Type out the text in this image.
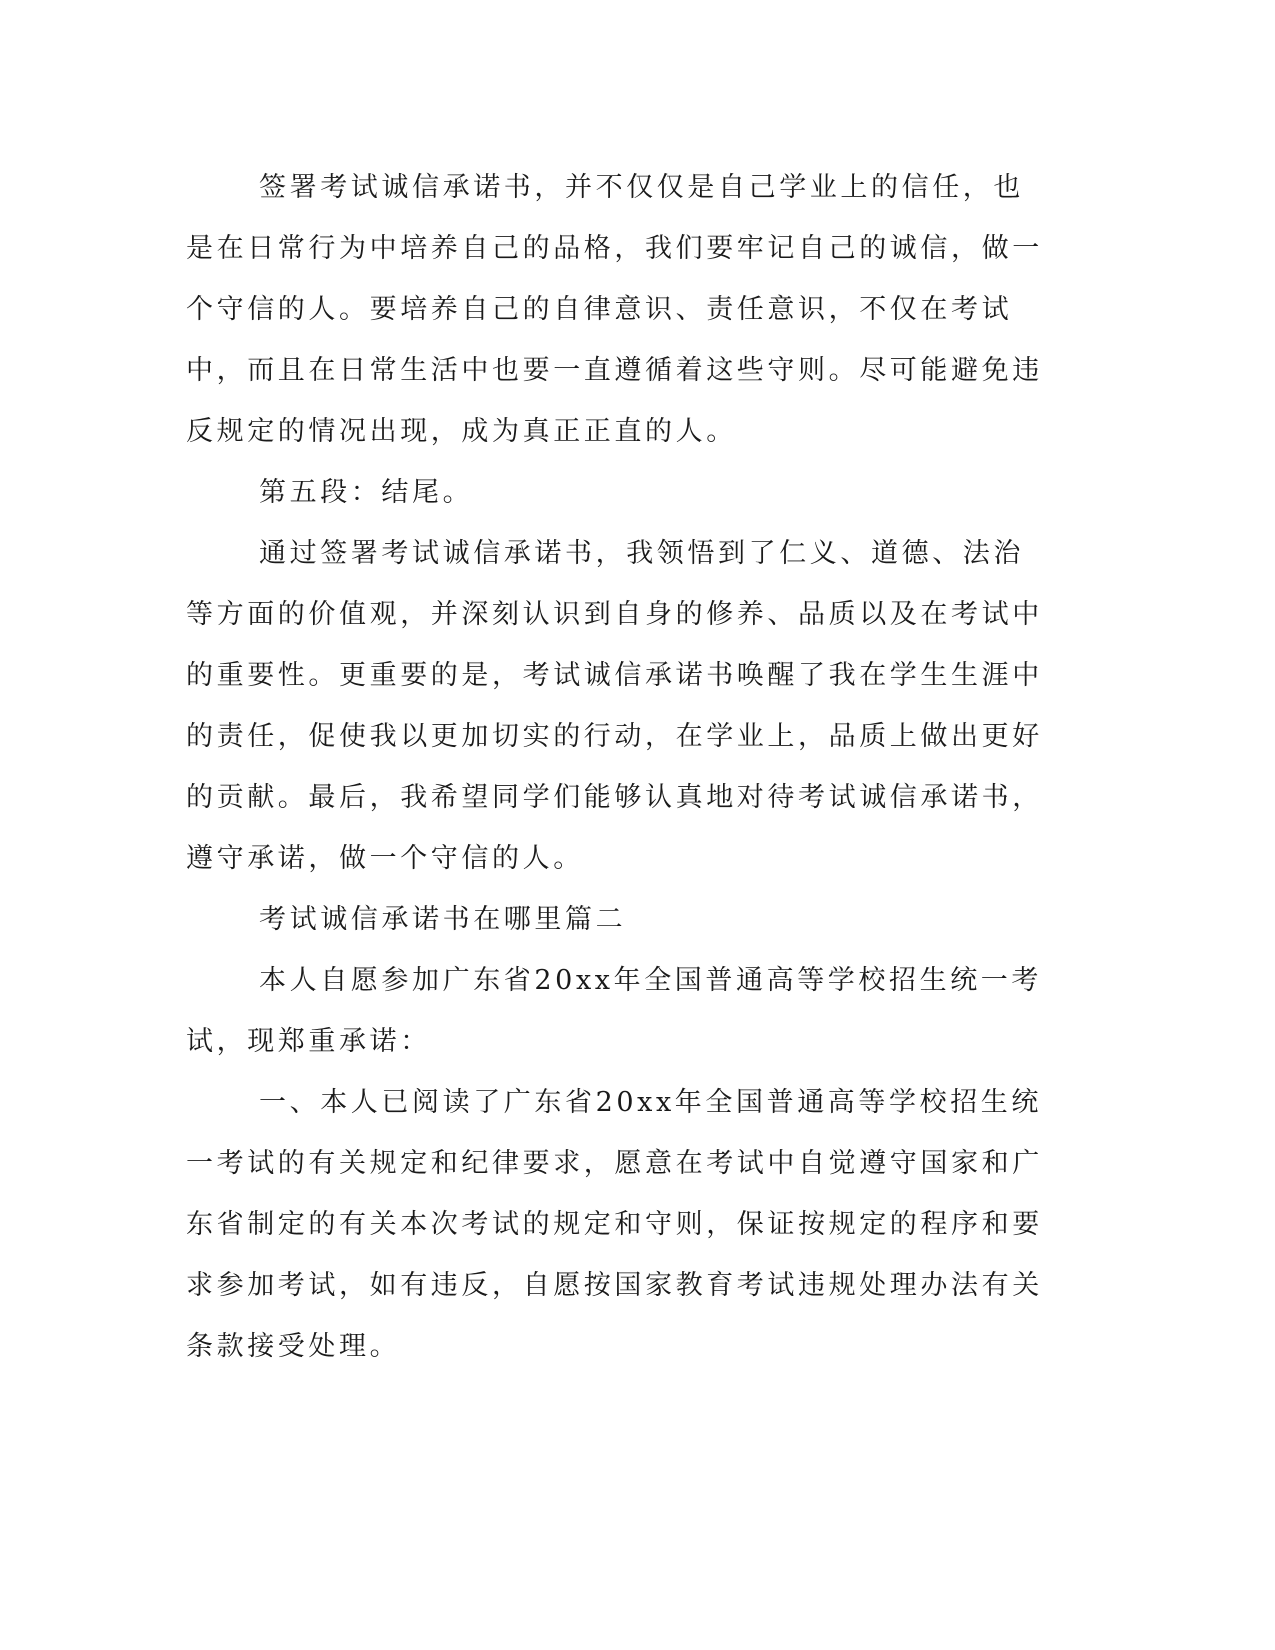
签署考试诚信承诺书，并不仅仅是自己学业上的信任，也是在日常行为中培养自己的品格，我们要牢记自己的诚信，做一个守信的人。要培养自己的自律意识、责任意识，不仅在考试中，而且在日常生活中也要一直遵循着这些守则。尽可能避免违反规定的情况出现，成为真正正直的人。

第五段：结尾。

通过签署考试诚信承诺书，我领悟到了仁义、道德、法治等方面的价值观，并深刻认识到自身的修养、品质以及在考试中的重要性。更重要的是，考试诚信承诺书唤醒了我在学生生涯中的责任，促使我以更加切实的行动，在学业上，品质上做出更好的贡献。最后，我希望同学们能够认真地对待考试诚信承诺书，遵守承诺，做一个守信的人。

考试诚信承诺书在哪里篇二

本人自愿参加广东省20xx年全国普通高等学校招生统一考试，现郑重承诺：

一、本人已阅读了广东省20xx年全国普通高等学校招生统一考试的有关规定和纪律要求，愿意在考试中自觉遵守国家和广东省制定的有关本次考试的规定和守则，保证按规定的程序和要求参加考试，如有违反，自愿按国家教育考试违规处理办法有关条款接受处理。
